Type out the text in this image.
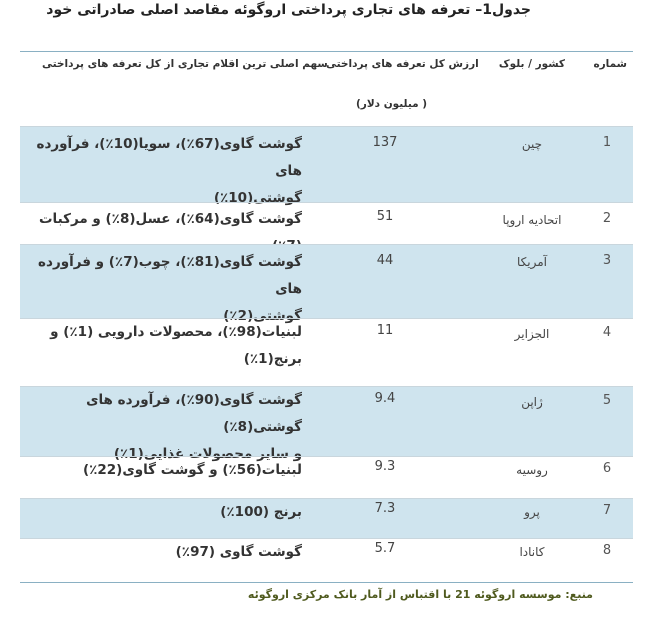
جدول1– تعرفه های تجاری پرداختی اروگوئه مقاصد اصلی صادراتی خود
شماره
کشور / بلوک
ارزش کل تعرفه های پرداختی
( میلیون دلار)
سهم اصلی ترین اقلام تجاری از کل تعرفه های پرداختی
1
چین
137
گوشت گاوی(67٪)، سویا(10٪)، فرآورده های
گوشتی(10٪)
2
اتحادیه اروپا
51
گوشت گاوی(64٪)، عسل(8٪) و مرکبات
3
آمریکا
44
گوشت گاوی(81٪)، چوب(7٪) و فرآورده های
گوشتی(2٪)
4
الجزایر
11
لبنیات(98٪)، محصولات دارویی (1٪) و
برنج(1٪)
5
ژاپن
9.4
گوشت گاوی(90٪)، فرآورده های گوشتی(8٪)
و سایر محصولات غذایی(1٪)
6
روسیه
9.3
لبنیات(56٪) و گوشت گاوی(22٪)
7
پرو
7.3
برنج (100٪)
8
کانادا
5.7
گوشت گاوی (97٪)
منبع: موسسه اروگوئه 21 با اقتباس از آمار بانک مرکزی اروگوئه
